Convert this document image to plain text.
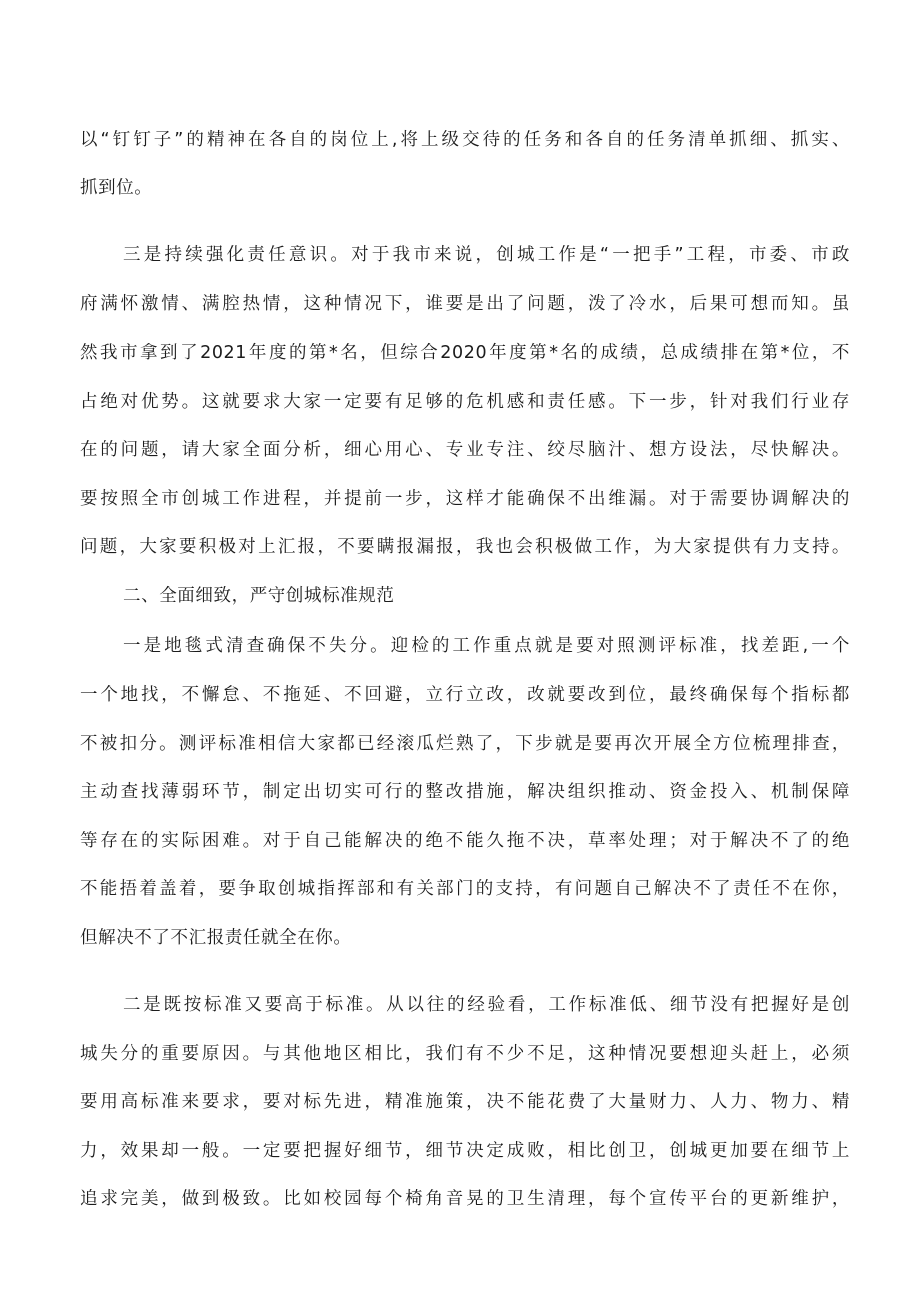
以“钉钉子”的精神在各自的岗位上,将上级交待的任务和各自的任务清单抓细、抓实、
抓到位。
三是持续强化责任意识。对于我市来说，创城工作是“一把手”工程，市委、市政
府满怀激情、满腔热情，这种情况下，谁要是出了问题，泼了冷水，后果可想而知。虽
然我市拿到了2021年度的第*名，但综合2020年度第*名的成绩，总成绩排在第*位，不
占绝对优势。这就要求大家一定要有足够的危机感和责任感。下一步，针对我们行业存
在的问题，请大家全面分析，细心用心、专业专注、绞尽脑汁、想方设法，尽快解决。
要按照全市创城工作进程，并提前一步，这样才能确保不出维漏。对于需要协调解决的
问题，大家要积极对上汇报，不要瞒报漏报，我也会积极做工作，为大家提供有力支持。
二、全面细致，严守创城标准规范
一是地毯式清查确保不失分。迎检的工作重点就是要对照测评标准，找差距,一个
一个地找，不懈怠、不拖延、不回避，立行立改，改就要改到位，最终确保每个指标都
不被扣分。测评标准相信大家都已经滚瓜烂熟了，下步就是要再次开展全方位梳理排查，
主动查找薄弱环节，制定出切实可行的整改措施，解决组织推动、资金投入、机制保障
等存在的实际困难。对于自己能解决的绝不能久拖不决，草率处理；对于解决不了的绝
不能捂着盖着，要争取创城指挥部和有关部门的支持，有问题自己解决不了责任不在你，
但解决不了不汇报责任就全在你。
二是既按标准又要高于标准。从以往的经验看，工作标准低、细节没有把握好是创
城失分的重要原因。与其他地区相比，我们有不少不足，这种情况要想迎头赶上，必须
要用高标准来要求，要对标先进，精准施策，决不能花费了大量财力、人力、物力、精
力，效果却一般。一定要把握好细节，细节决定成败，相比创卫，创城更加要在细节上
追求完美，做到极致。比如校园每个椅角音晃的卫生清理，每个宣传平台的更新维护，
